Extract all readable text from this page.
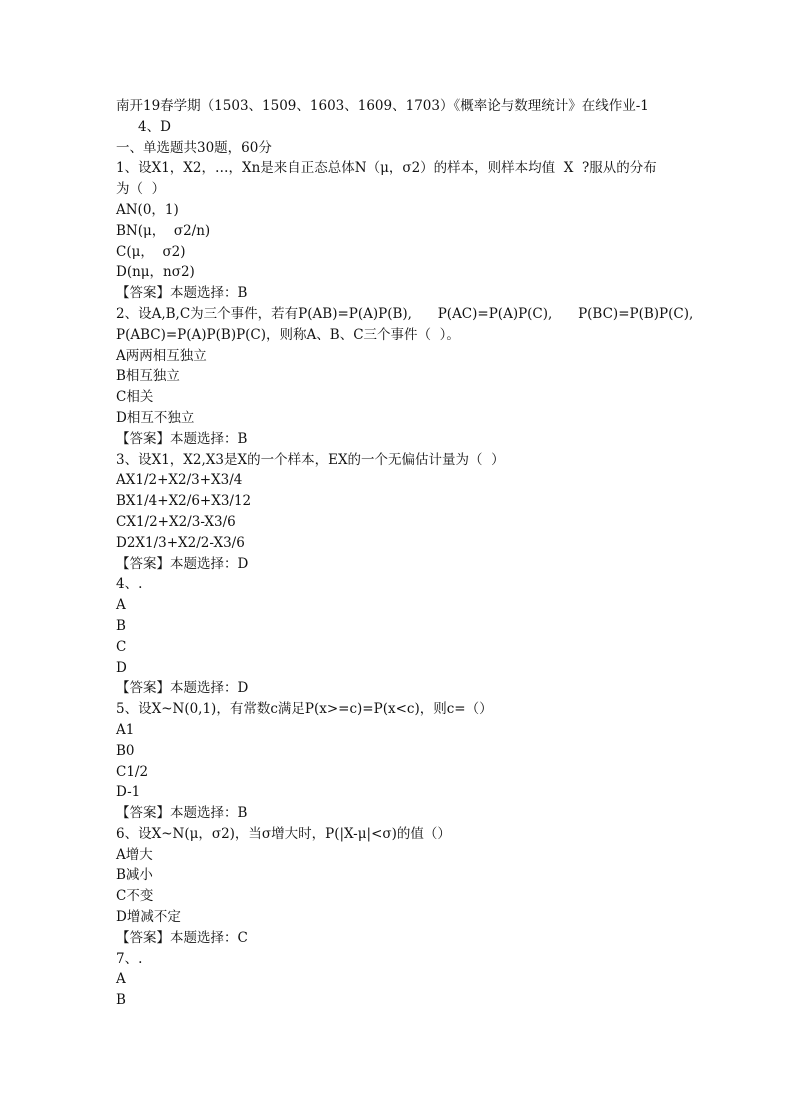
南开19春学期（1503、1509、1603、1609、1703）《概率论与数理统计》在线作业-1
4、D
一、单选题共30题，60分
1、设X1，X2，…，Xn是来自正态总体N（μ，σ2）的样本，则样本均值  X  ?服从的分布
为（  ）
AN(0，1)
BN(μ，  σ2/n)
C(μ，  σ2)
D(nμ，nσ2)
【答案】本题选择：B
2、设A,B,C为三个事件，若有P(AB)=P(A)P(B),      P(AC)=P(A)P(C),      P(BC)=P(B)P(C),
P(ABC)=P(A)P(B)P(C)，则称A、B、C三个事件（  ）。
A两两相互独立
B相互独立
C相关
D相互不独立
【答案】本题选择：B
3、设X1，X2,X3是X的一个样本，EX的一个无偏估计量为（  ）
AX1/2+X2/3+X3/4
BX1/4+X2/6+X3/12
CX1/2+X2/3-X3/6
D2X1/3+X2/2-X3/6
【答案】本题选择：D
4、.
A
B
C
D
【答案】本题选择：D
5、设X~N(0,1)，有常数c满足P(x>=c)=P(x<c)，则c=（）
A1
B0
C1/2
D-1
【答案】本题选择：B
6、设X~N(μ，σ2)，当σ增大时，P(|X-μ|<σ)的值（）
A增大
B减小
C不变
D增减不定
【答案】本题选择：C
7、.
A
B
